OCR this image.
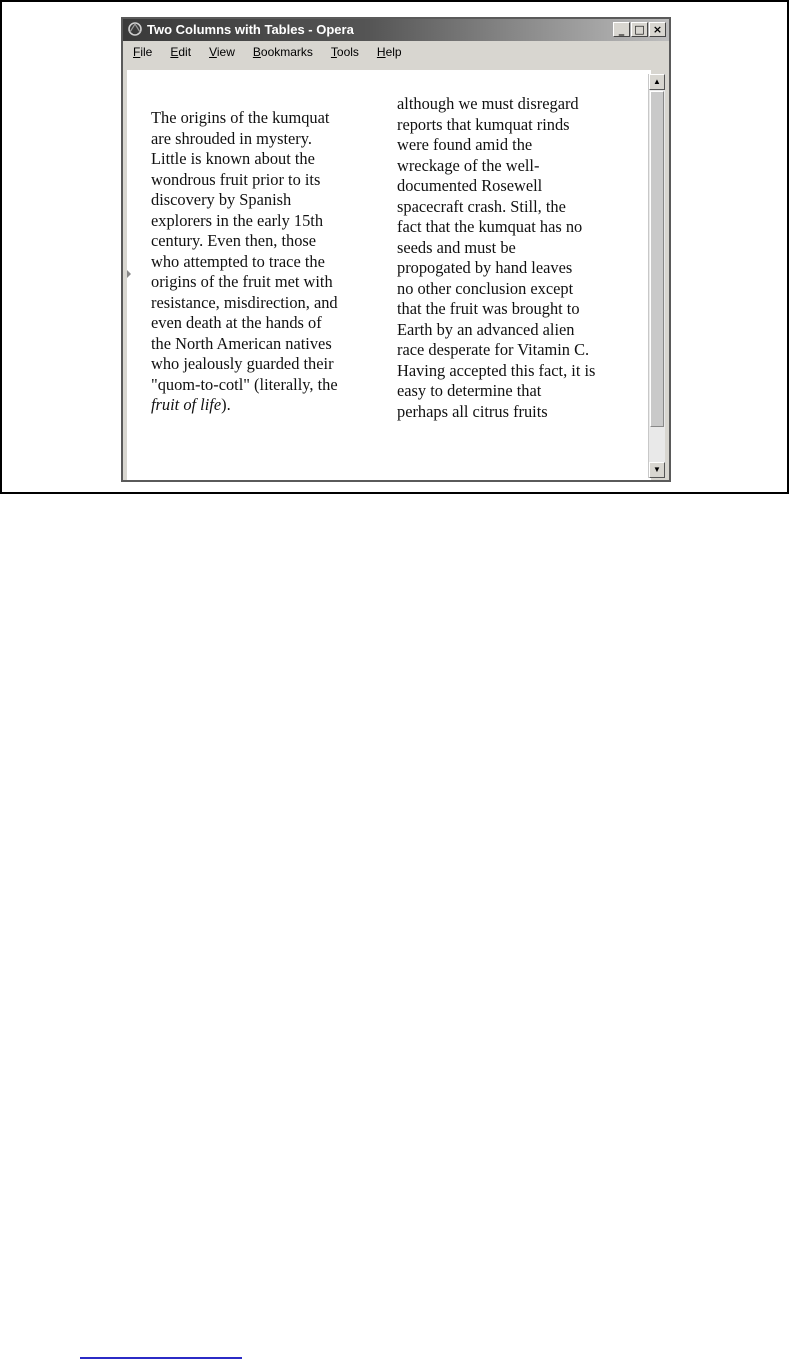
Two Columns with Tables - Opera	_ □ ×
File Edit View Bookmarks Tools Help
The origins of the kumquat
are shrouded in mystery.
Little is known about the
wondrous fruit prior to its
discovery by Spanish
explorers in the early 15th
century. Even then, those
who attempted to trace the
origins of the fruit met with
resistance, misdirection, and
even death at the hands of
the North American natives
who jealously guarded their
"quom-to-cotl" (literally, the
fruit of life).
although we must disregard
reports that kumquat rinds
were found amid the
wreckage of the well-
documented Rosewell
spacecraft crash. Still, the
fact that the kumquat has no
seeds and must be
propogated by hand leaves
no other conclusion except
that the fruit was brought to
Earth by an advanced alien
race desperate for Vitamin C.
Having accepted this fact, it is
easy to determine that
perhaps all citrus fruits
▲
▼
